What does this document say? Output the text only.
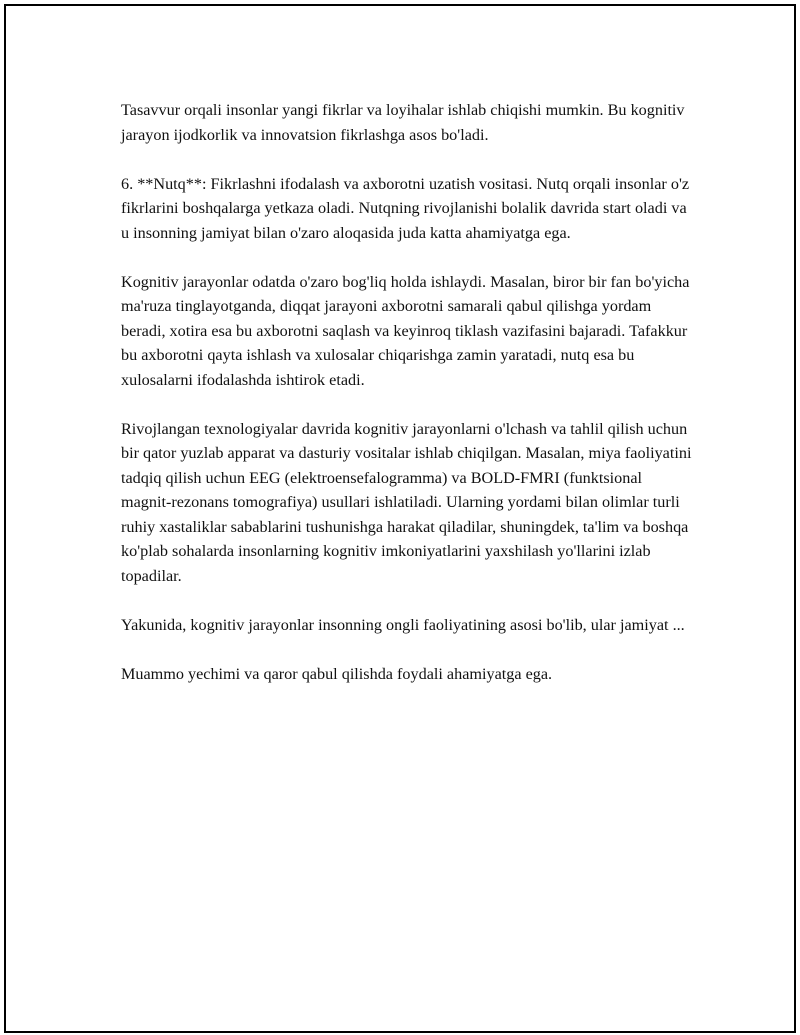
Tasavvur orqali insonlar yangi fikrlar va loyihalar ishlab chiqishi mumkin. Bu kognitiv jarayon ijodkorlik va innovatsion fikrlashga asos bo'ladi.

6. **Nutq**: Fikrlashni ifodalash va axborotni uzatish vositasi. Nutq orqali insonlar o'z fikrlarini boshqalarga yetkaza oladi. Nutqning rivojlanishi bolalik davrida start oladi va u insonning jamiyat bilan o'zaro aloqasida juda katta ahamiyatga ega.

Kognitiv jarayonlar odatda o'zaro bog'liq holda ishlaydi. Masalan, biror bir fan bo'yicha ma'ruza tinglayotganda, diqqat jarayoni axborotni samarali qabul qilishga yordam beradi, xotira esa bu axborotni saqlash va keyinroq tiklash vazifasini bajaradi. Tafakkur bu axborotni qayta ishlash va xulosalar chiqarishga zamin yaratadi, nutq esa bu xulosalarni ifodalashda ishtirok etadi.

Rivojlangan texnologiyalar davrida kognitiv jarayonlarni o'lchash va tahlil qilish uchun bir qator yuzlab apparat va dasturiy vositalar ishlab chiqilgan. Masalan, miya faoliyatini tadqiq qilish uchun EEG (elektroensefalogramma) va BOLD-FMRI (funktsional magnit-rezonans tomografiya) usullari ishlatiladi. Ularning yordami bilan olimlar turli ruhiy xastaliklar sabablarini tushunishga harakat qiladilar, shuningdek, ta'lim va boshqa ko'plab sohalarda insonlarning kognitiv imkoniyatlarini yaxshilash yo'llarini izlab topadilar.

Yakunida, kognitiv jarayonlar insonning ongli faoliyatining asosi bo'lib, ular jamiyat ...

Muammo yechimi va qaror qabul qilishda foydali ahamiyatga ega.
